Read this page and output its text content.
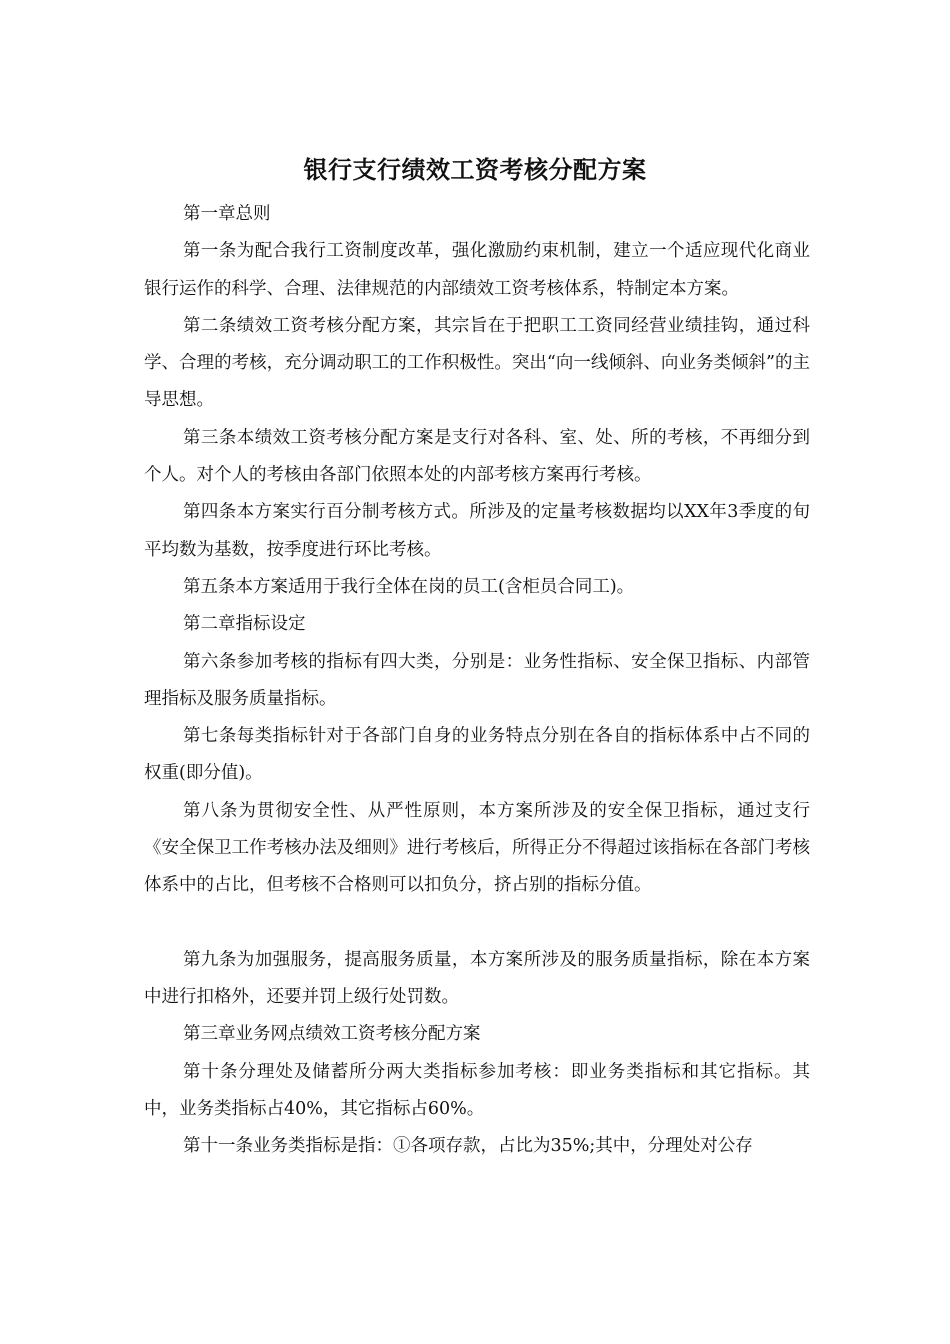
银行支行绩效工资考核分配方案

第一章总则

第一条为配合我行工资制度改革，强化激励约束机制，建立一个适应现代化商业银行运作的科学、合理、法律规范的内部绩效工资考核体系，特制定本方案。

第二条绩效工资考核分配方案，其宗旨在于把职工工资同经营业绩挂钩，通过科学、合理的考核，充分调动职工的工作积极性。突出“向一线倾斜、向业务类倾斜”的主导思想。

第三条本绩效工资考核分配方案是支行对各科、室、处、所的考核，不再细分到个人。对个人的考核由各部门依照本处的内部考核方案再行考核。

第四条本方案实行百分制考核方式。所涉及的定量考核数据均以XX年3季度的旬平均数为基数，按季度进行环比考核。

第五条本方案适用于我行全体在岗的员工(含柜员合同工)。

第二章指标设定

第六条参加考核的指标有四大类，分别是：业务性指标、安全保卫指标、内部管理指标及服务质量指标。

第七条每类指标针对于各部门自身的业务特点分别在各自的指标体系中占不同的权重(即分值)。

第八条为贯彻安全性、从严性原则，本方案所涉及的安全保卫指标，通过支行《安全保卫工作考核办法及细则》进行考核后，所得正分不得超过该指标在各部门考核体系中的占比，但考核不合格则可以扣负分，挤占别的指标分值。

第九条为加强服务，提高服务质量，本方案所涉及的服务质量指标，除在本方案中进行扣格外，还要并罚上级行处罚数。

第三章业务网点绩效工资考核分配方案

第十条分理处及储蓄所分两大类指标参加考核：即业务类指标和其它指标。其中，业务类指标占40%，其它指标占60%。

第十一条业务类指标是指：①各项存款，占比为35%;其中，分理处对公存
